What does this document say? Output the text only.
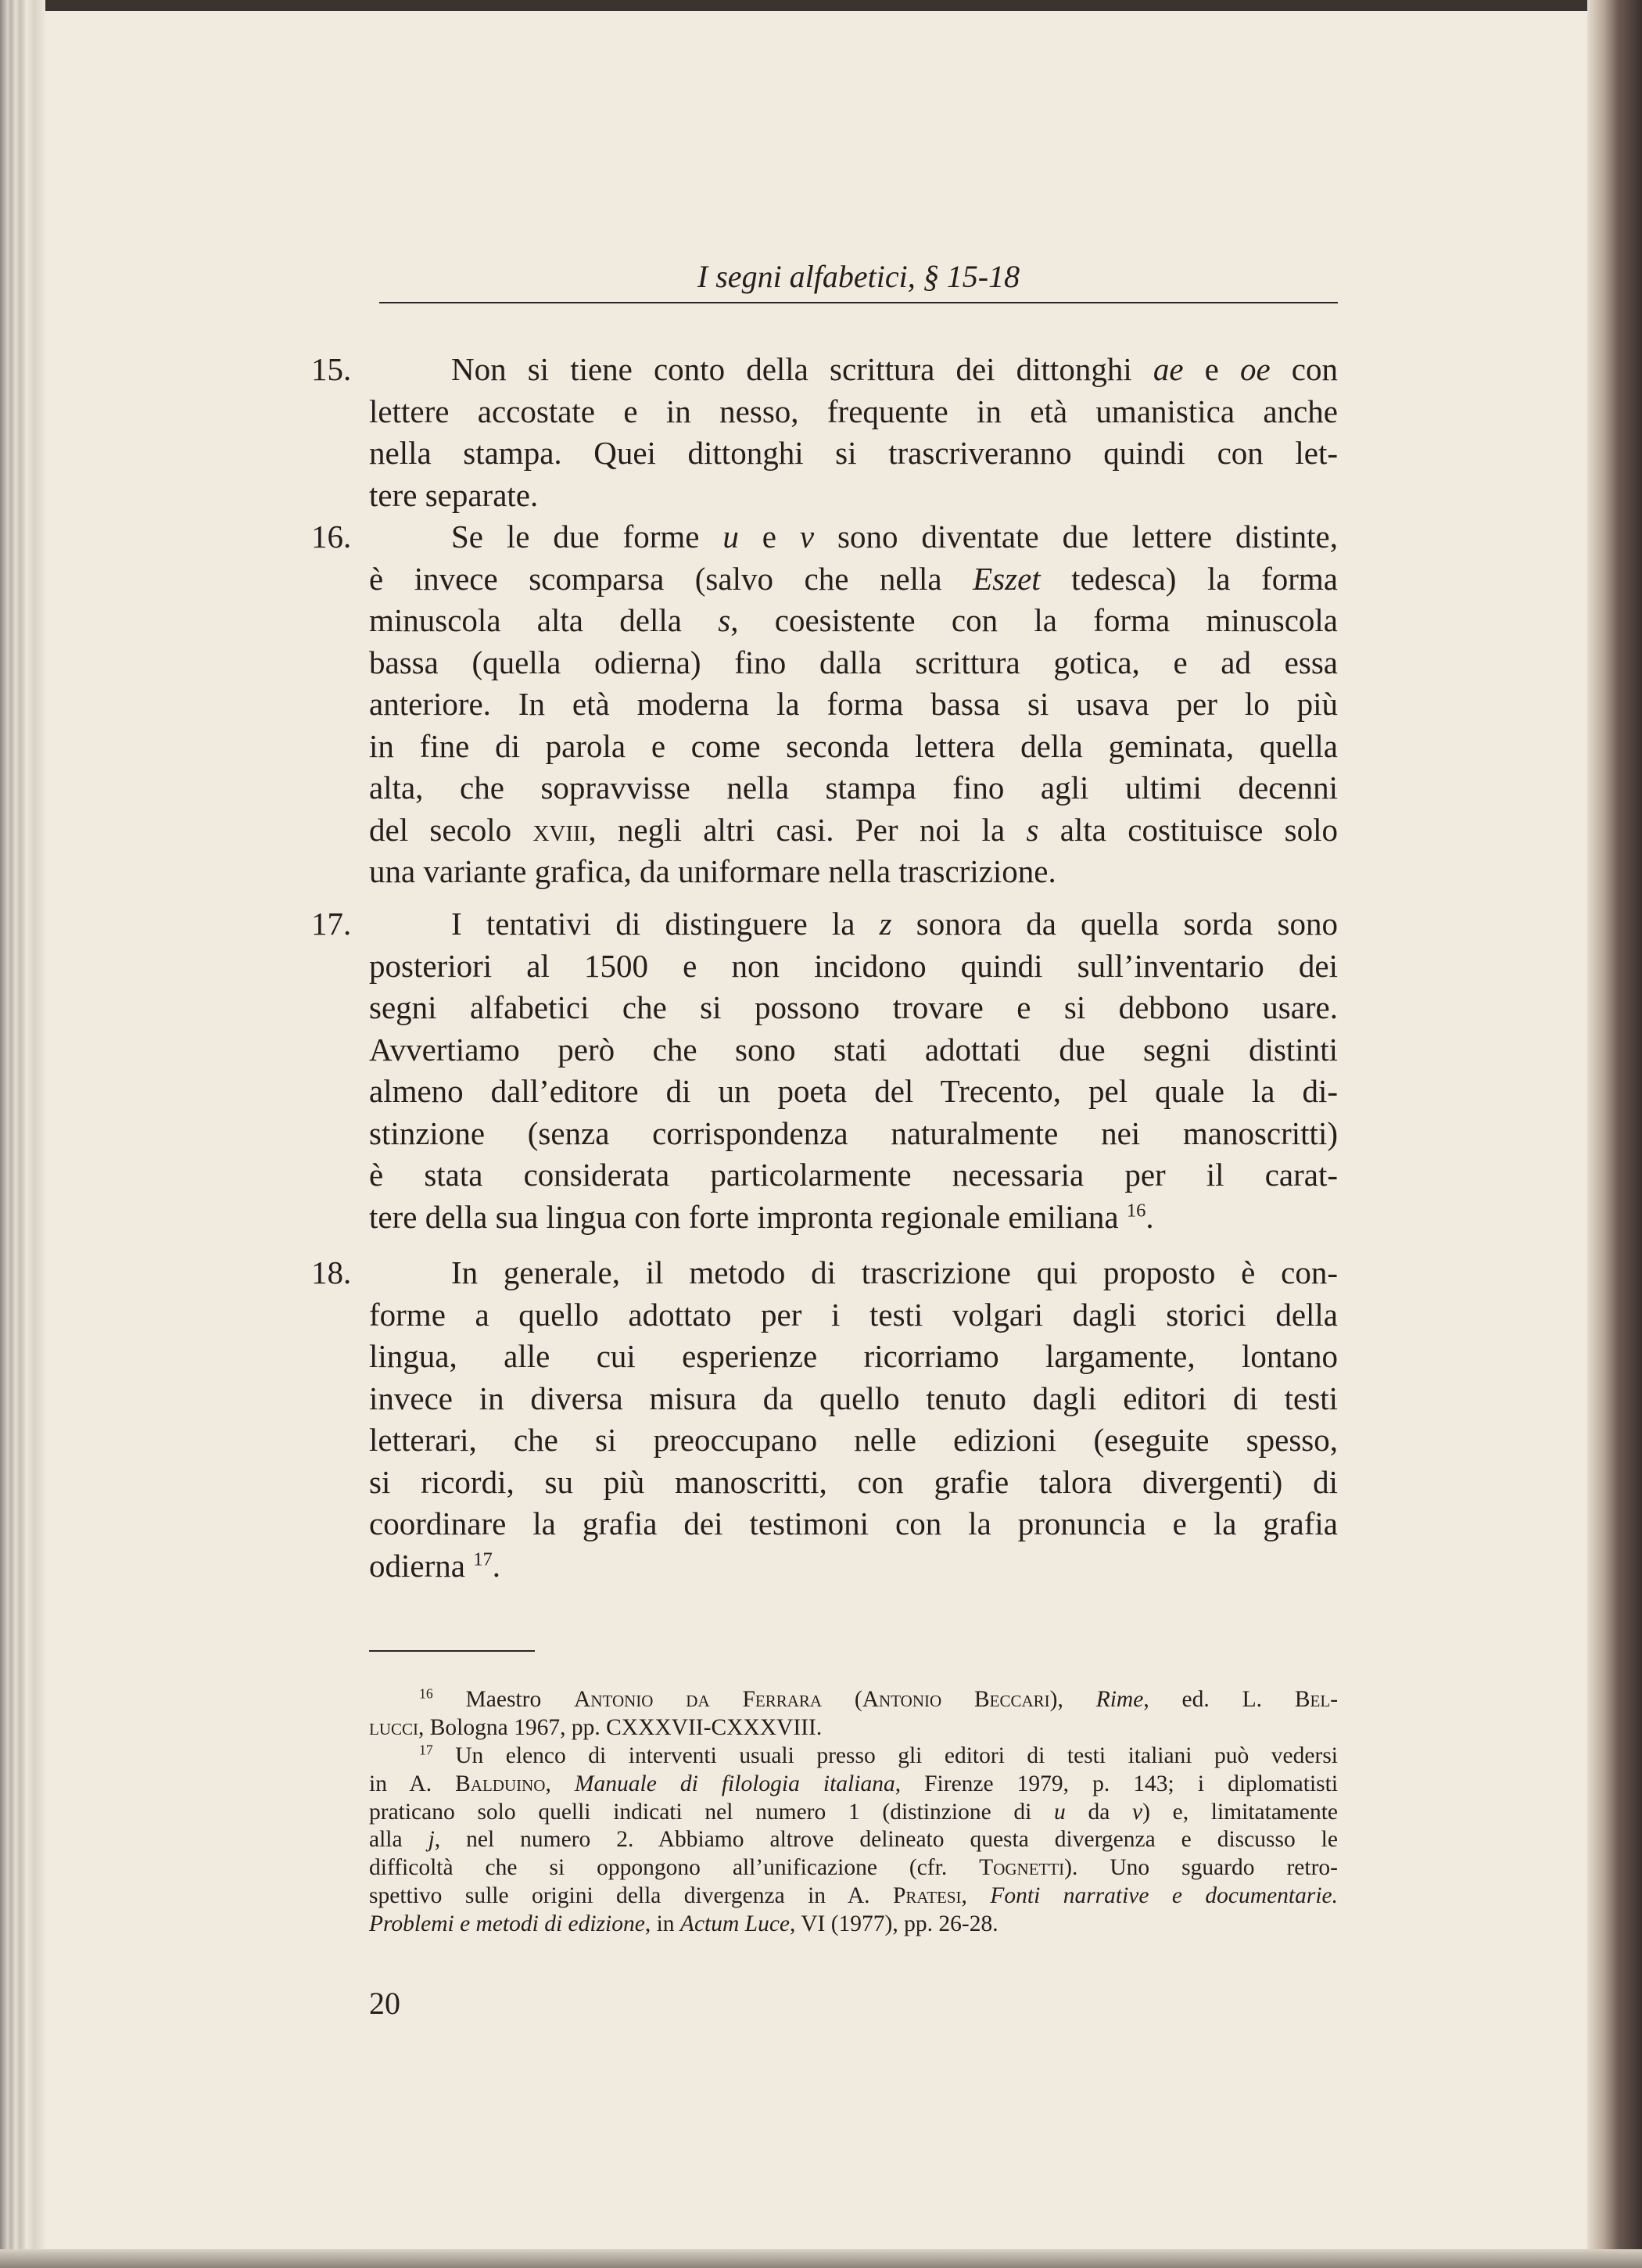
I segni alfabetici, § 15-18
15.	Non si tiene conto della scrittura dei dittonghi ae e oe con
lettere accostate e in nesso, frequente in età umanistica anche
nella stampa. Quei dittonghi si trascriveranno quindi con let-
tere separate.
16.	Se le due forme u e v sono diventate due lettere distinte,
è invece scomparsa (salvo che nella Eszet tedesca) la forma
minuscola alta della s, coesistente con la forma minuscola
bassa (quella odierna) fino dalla scrittura gotica, e ad essa
anteriore. In età moderna la forma bassa si usava per lo più
in fine di parola e come seconda lettera della geminata, quella
alta, che sopravvisse nella stampa fino agli ultimi decenni
del secolo xviii, negli altri casi. Per noi la s alta costituisce solo
una variante grafica, da uniformare nella trascrizione.
17.	I tentativi di distinguere la z sonora da quella sorda sono
posteriori al 1500 e non incidono quindi sull’inventario dei
segni alfabetici che si possono trovare e si debbono usare.
Avvertiamo però che sono stati adottati due segni distinti
almeno dall’editore di un poeta del Trecento, pel quale la di-
stinzione (senza corrispondenza naturalmente nei manoscritti)
è stata considerata particolarmente necessaria per il carat-
tere della sua lingua con forte impronta regionale emiliana $^{16}$.
18.	In generale, il metodo di trascrizione qui proposto è con-
forme a quello adottato per i testi volgari dagli storici della
lingua, alle cui esperienze ricorriamo largamente, lontano
invece in diversa misura da quello tenuto dagli editori di testi
letterari, che si preoccupano nelle edizioni (eseguite spesso,
si ricordi, su più manoscritti, con grafie talora divergenti) di
coordinare la grafia dei testimoni con la pronuncia e la grafia
odierna $^{17}$.
$^{16}$ Maestro Antonio da Ferrara (Antonio Beccari), Rime, ed. L. Bel-
lucci, Bologna 1967, pp. CXXXVII-CXXXVIII.
$^{17}$ Un elenco di interventi usuali presso gli editori di testi italiani può vedersi
in A. Balduino, Manuale di filologia italiana, Firenze 1979, p. 143; i diplomatisti
praticano solo quelli indicati nel numero 1 (distinzione di u da v) e, limitatamente
alla j, nel numero 2. Abbiamo altrove delineato questa divergenza e discusso le
difficoltà che si oppongono all’unificazione (cfr. Tognetti). Uno sguardo retro-
spettivo sulle origini della divergenza in A. Pratesi, Fonti narrative e documentarie.
Problemi e metodi di edizione, in Actum Luce, VI (1977), pp. 26-28.
20
